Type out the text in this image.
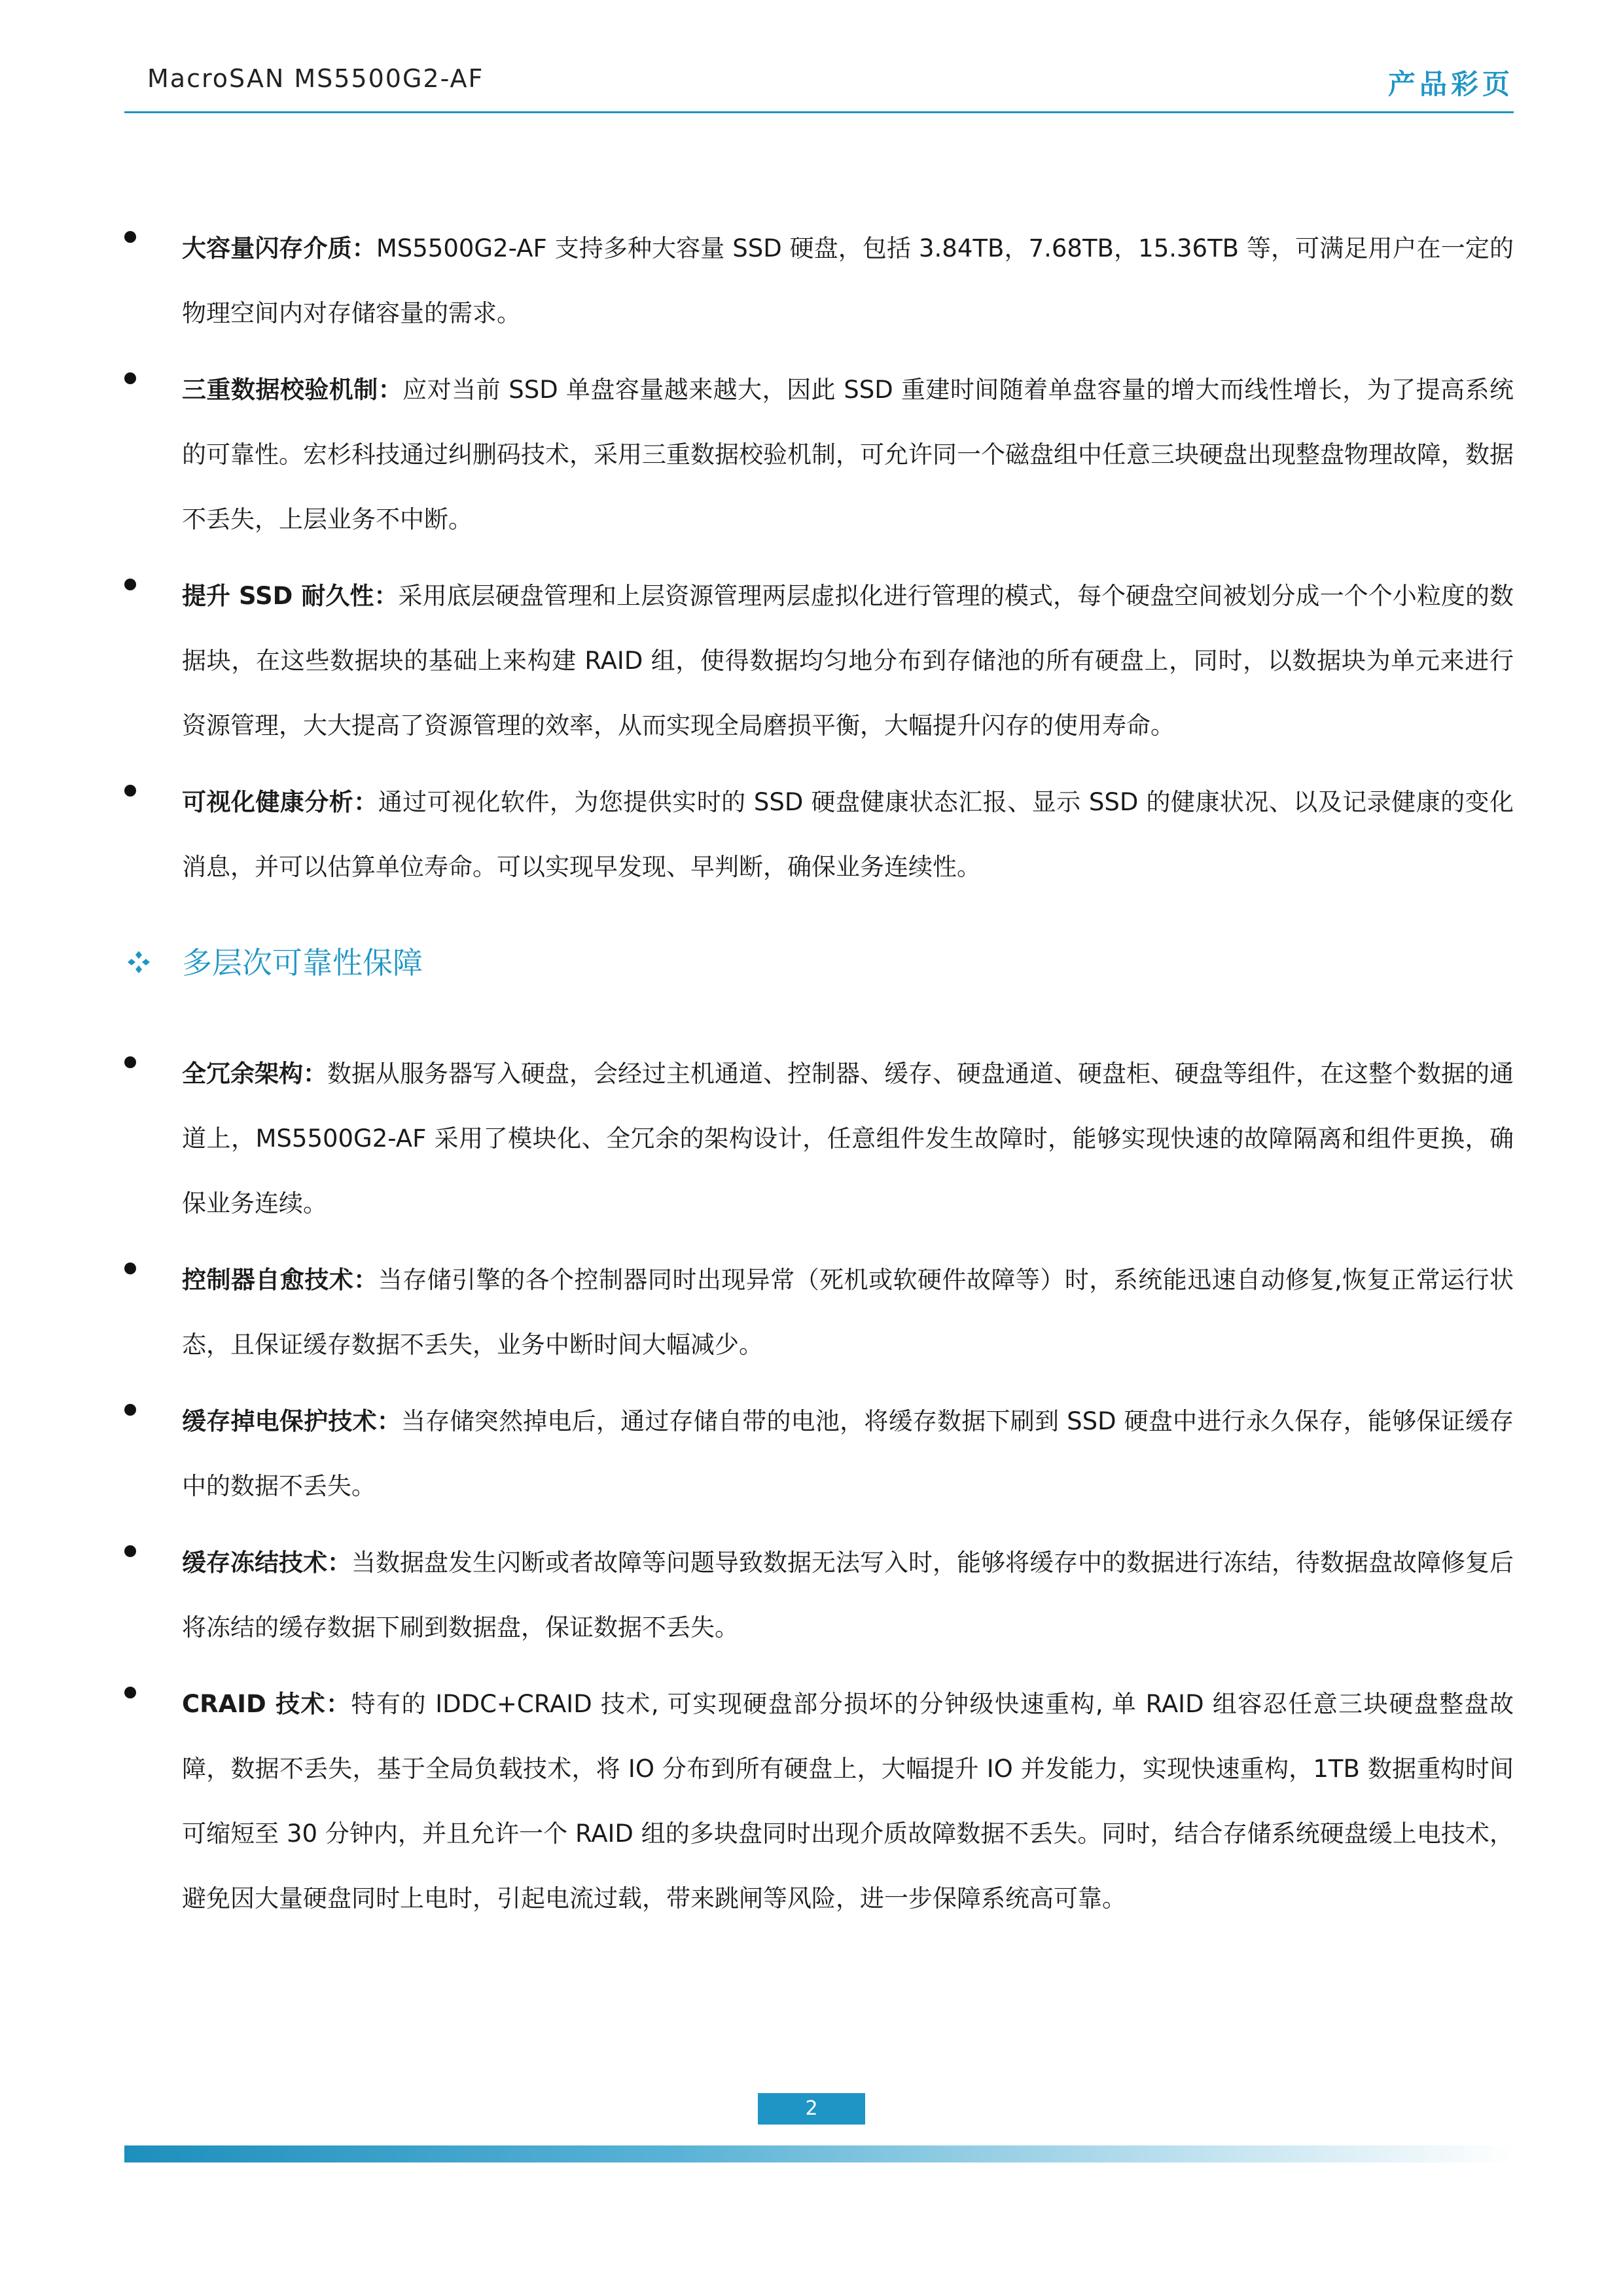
MacroSAN MS5500G2-AF	产品彩页

大容量闪存介质：MS5500G2-AF 支持多种大容量 SSD 硬盘，包括 3.84TB，7.68TB，15.36TB 等，可满足用户在一定的物理空间内对存储容量的需求。

三重数据校验机制：应对当前 SSD 单盘容量越来越大，因此 SSD 重建时间随着单盘容量的增大而线性增长，为了提高系统的可靠性。宏杉科技通过纠删码技术，采用三重数据校验机制，可允许同一个磁盘组中任意三块硬盘出现整盘物理故障，数据不丢失，上层业务不中断。

提升 SSD 耐久性：采用底层硬盘管理和上层资源管理两层虚拟化进行管理的模式，每个硬盘空间被划分成一个个小粒度的数据块，在这些数据块的基础上来构建 RAID 组，使得数据均匀地分布到存储池的所有硬盘上，同时，以数据块为单元来进行资源管理，大大提高了资源管理的效率，从而实现全局磨损平衡，大幅提升闪存的使用寿命。

可视化健康分析：通过可视化软件，为您提供实时的 SSD 硬盘健康状态汇报、显示 SSD 的健康状况、以及记录健康的变化消息，并可以估算单位寿命。可以实现早发现、早判断，确保业务连续性。

多层次可靠性保障

全冗余架构：数据从服务器写入硬盘，会经过主机通道、控制器、缓存、硬盘通道、硬盘柜、硬盘等组件，在这整个数据的通道上，MS5500G2-AF 采用了模块化、全冗余的架构设计，任意组件发生故障时，能够实现快速的故障隔离和组件更换，确保业务连续。

控制器自愈技术：当存储引擎的各个控制器同时出现异常（死机或软硬件故障等）时，系统能迅速自动修复,恢复正常运行状态，且保证缓存数据不丢失，业务中断时间大幅减少。

缓存掉电保护技术：当存储突然掉电后，通过存储自带的电池，将缓存数据下刷到 SSD 硬盘中进行永久保存，能够保证缓存中的数据不丢失。

缓存冻结技术：当数据盘发生闪断或者故障等问题导致数据无法写入时，能够将缓存中的数据进行冻结，待数据盘故障修复后将冻结的缓存数据下刷到数据盘，保证数据不丢失。

CRAID 技术：特有的 IDDC+CRAID 技术, 可实现硬盘部分损坏的分钟级快速重构, 单 RAID 组容忍任意三块硬盘整盘故障，数据不丢失，基于全局负载技术，将 IO 分布到所有硬盘上，大幅提升 IO 并发能力，实现快速重构，1TB 数据重构时间可缩短至 30 分钟内，并且允许一个 RAID 组的多块盘同时出现介质故障数据不丢失。同时，结合存储系统硬盘缓上电技术，避免因大量硬盘同时上电时，引起电流过载，带来跳闸等风险，进一步保障系统高可靠。

2
